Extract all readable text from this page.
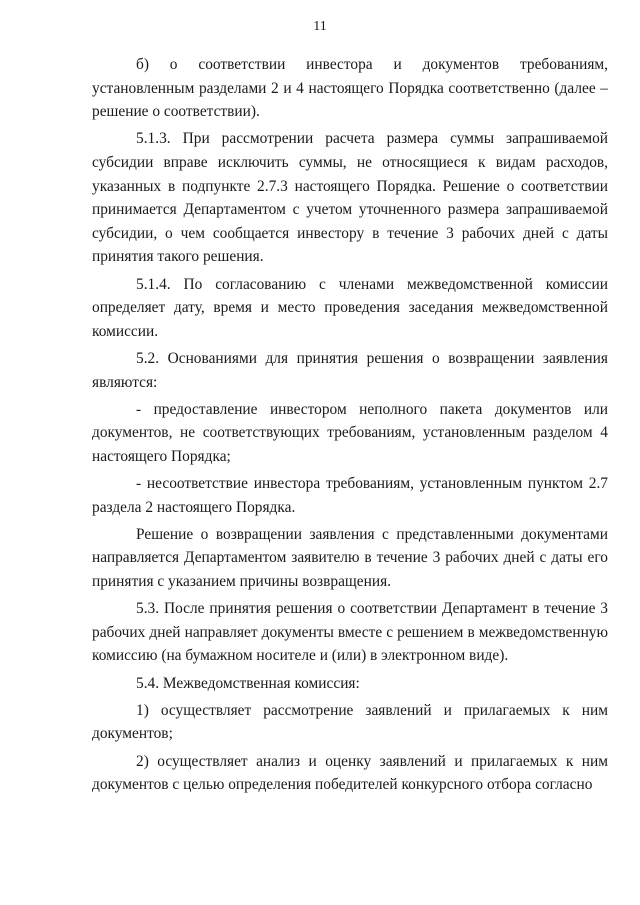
11

б) о соответствии инвестора и документов требованиям, установленным разделами 2 и 4 настоящего Порядка соответственно (далее – решение о соответствии).

5.1.3. При рассмотрении расчета размера суммы запрашиваемой субсидии вправе исключить суммы, не относящиеся к видам расходов, указанных в подпункте 2.7.3 настоящего Порядка. Решение о соответствии принимается Департаментом с учетом уточненного размера запрашиваемой субсидии, о чем сообщается инвестору в течение 3 рабочих дней с даты принятия такого решения.

5.1.4. По согласованию с членами межведомственной комиссии определяет дату, время и место проведения заседания межведомственной комиссии.

5.2. Основаниями для принятия решения о возвращении заявления являются:

- предоставление инвестором неполного пакета документов или документов, не соответствующих требованиям, установленным разделом 4 настоящего Порядка;

- несоответствие инвестора требованиям, установленным пунктом 2.7 раздела 2 настоящего Порядка.

Решение о возвращении заявления с представленными документами направляется Департаментом заявителю в течение 3 рабочих дней с даты его принятия с указанием причины возвращения.

5.3. После принятия решения о соответствии Департамент в течение 3 рабочих дней направляет документы вместе с решением в межведомственную комиссию (на бумажном носителе и (или) в электронном виде).

5.4. Межведомственная комиссия:

1) осуществляет рассмотрение заявлений и прилагаемых к ним документов;

2) осуществляет анализ и оценку заявлений и прилагаемых к ним документов с целью определения победителей конкурсного отбора согласно
